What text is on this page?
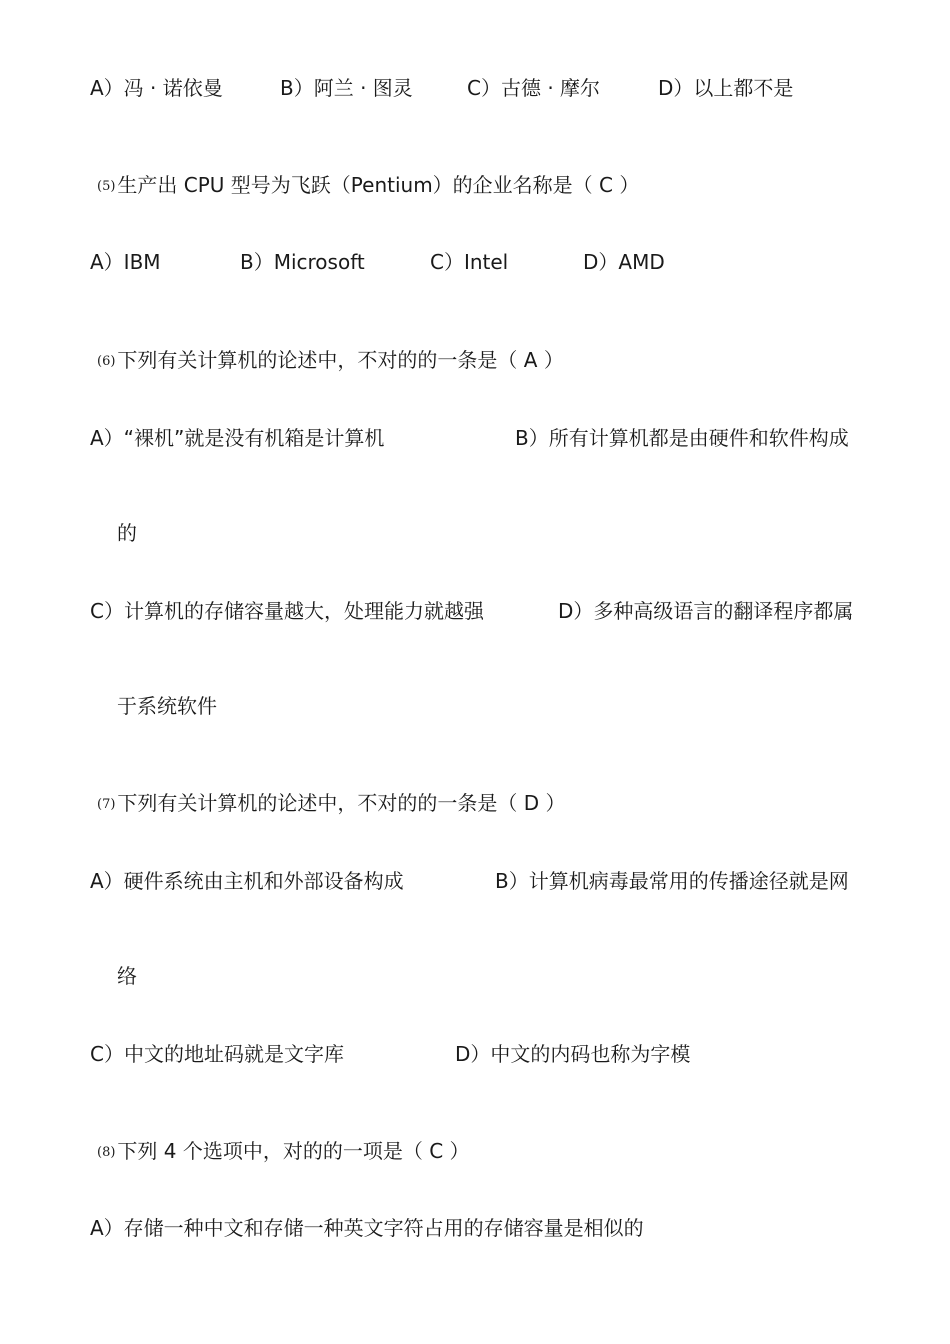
A）冯 · 诺依曼	B）阿兰 · 图灵	C）古德 · 摩尔	D）以上都不是
(5) 生产出 CPU 型号为飞跃（Pentium）的企业名称是（ C ）
A）IBM	B）Microsoft	C）Intel	D）AMD
(6) 下列有关计算机的论述中，不对的的一条是（ A ）
A）“裸机”就是没有机箱是计算机	B）所有计算机都是由硬件和软件构成
的
C）计算机的存储容量越大，处理能力就越强	D）多种高级语言的翻译程序都属
于系统软件
(7) 下列有关计算机的论述中，不对的的一条是（ D ）
A）硬件系统由主机和外部设备构成	B）计算机病毒最常用的传播途径就是网
络
C）中文的地址码就是文字库	D）中文的内码也称为字模
(8) 下列 4 个选项中，对的的一项是（ C ）
A）存储一种中文和存储一种英文字符占用的存储容量是相似的
